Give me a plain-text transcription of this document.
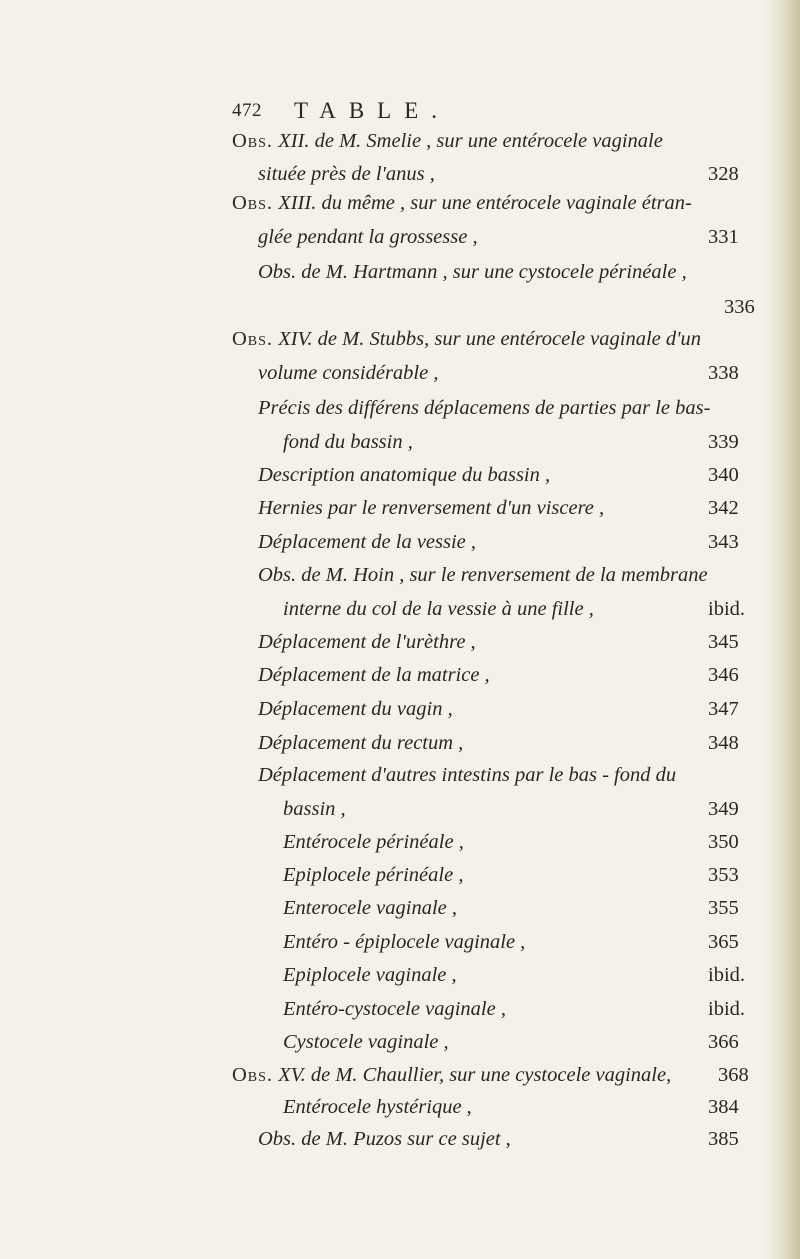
472 TABLE.
Obs. XII. de M. Smelie , sur une entérocele vaginale
située près de l'anus ,	328
Obs. XIII. du même , sur une entérocele vaginale étran-
glée pendant la grossesse ,	331
Obs. de M. Hartmann , sur une cystocele périnéale ,
336
Obs. XIV. de M. Stubbs, sur une entérocele vaginale d'un
volume considérable ,	338
Précis des différens déplacemens de parties par le bas-
fond du bassin ,	339
Description anatomique du bassin ,	340
Hernies par le renversement d'un viscere ,	342
Déplacement de la vessie ,	343
Obs. de M. Hoin , sur le renversement de la membrane
interne du col de la vessie à une fille ,	ibid.
Déplacement de l'urèthre ,	345
Déplacement de la matrice ,	346
Déplacement du vagin ,	347
Déplacement du rectum ,	348
Déplacement d'autres intestins par le bas - fond du
bassin ,	349
Entérocele périnéale ,	350
Epiplocele périnéale ,	353
Enterocele vaginale ,	355
Entéro - épiplocele vaginale ,	365
Epiplocele vaginale ,	ibid.
Entéro-cystocele vaginale ,	ibid.
Cystocele vaginale ,	366
Obs. XV. de M. Chaullier, sur une cystocele vaginale, 368
Entérocele hystérique ,	384
Obs. de M. Puzos sur ce sujet ,	385
